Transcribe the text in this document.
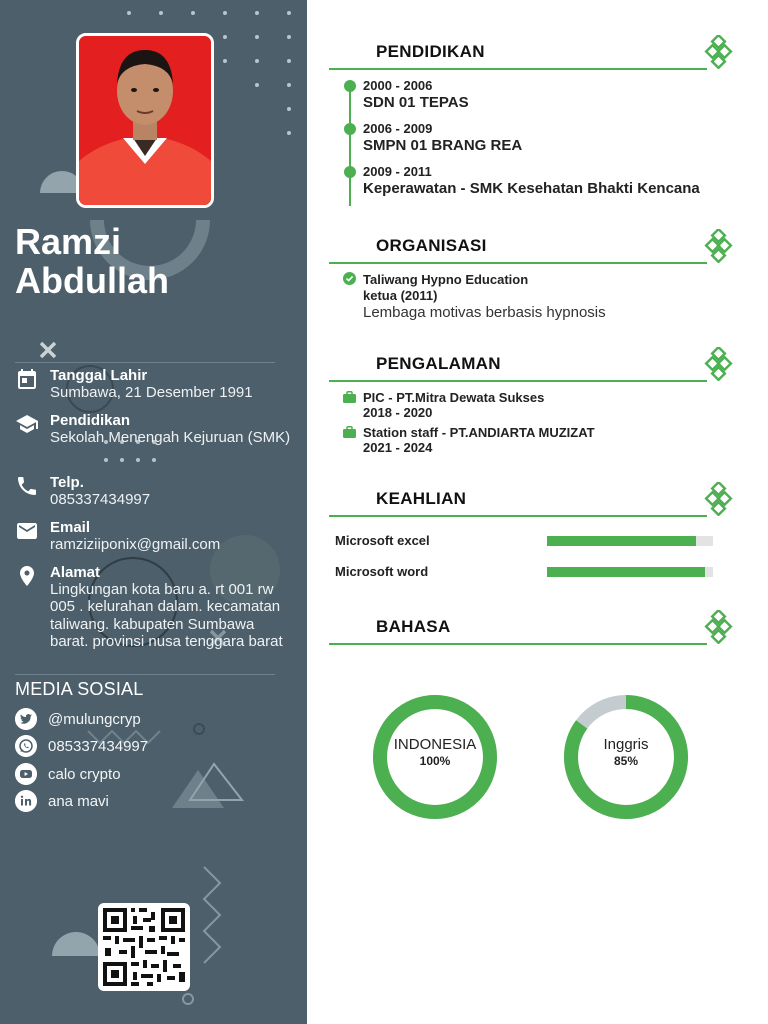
Ramzi
Abdullah
Tanggal Lahir
Sumbawa, 21 Desember 1991
Pendidikan
Sekolah Menengah Kejuruan (SMK)
Telp.
085337434997
Email
ramziziiponix@gmail.com
Alamat
Lingkungan kota baru a. rt 001 rw 005 . kelurahan dalam. kecamatan taliwang. kabupaten Sumbawa barat. provinsi nusa tenggara barat
MEDIA SOSIAL
@mulungcryp
085337434997
calo crypto
ana mavi
PENDIDIKAN
2000 - 2006
SDN 01 TEPAS
2006 - 2009
SMPN 01 BRANG REA
2009 - 2011
Keperawatan - SMK Kesehatan Bhakti Kencana
ORGANISASI
Taliwang Hypno Education
ketua (2011)
Lembaga motivas berbasis hypnosis
PENGALAMAN
PIC - PT.Mitra Dewata Sukses
2018 - 2020
Station staff - PT.ANDIARTA MUZIZAT
2021 - 2024
KEAHLIAN
Microsoft excel
Microsoft word
BAHASA
INDONESIA
100%
Inggris
85%
